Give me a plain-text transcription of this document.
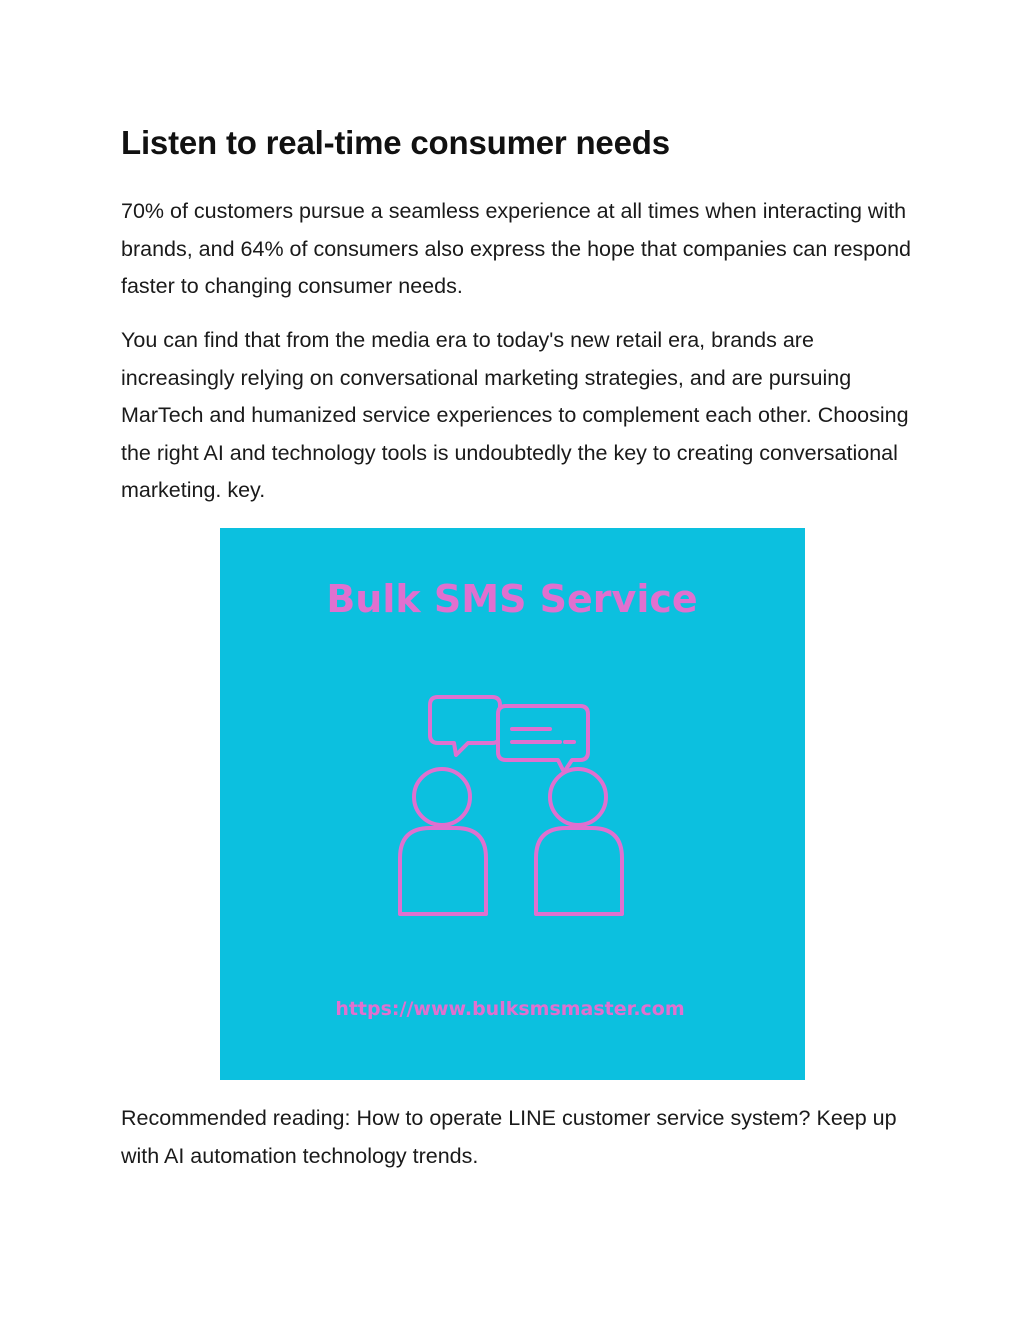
Listen to real-time consumer needs

70% of customers pursue a seamless experience at all times when interacting with brands, and 64% of consumers also express the hope that companies can respond faster to changing consumer needs.

You can find that from the media era to today's new retail era, brands are increasingly relying on conversational marketing strategies, and are pursuing MarTech and humanized service experiences to complement each other. Choosing the right AI and technology tools is undoubtedly the key to creating conversational marketing. key.

Recommended reading: How to operate LINE customer service system? Keep up with AI automation technology trends.

Bulk SMS Service
https://www.bulksmsmaster.com
